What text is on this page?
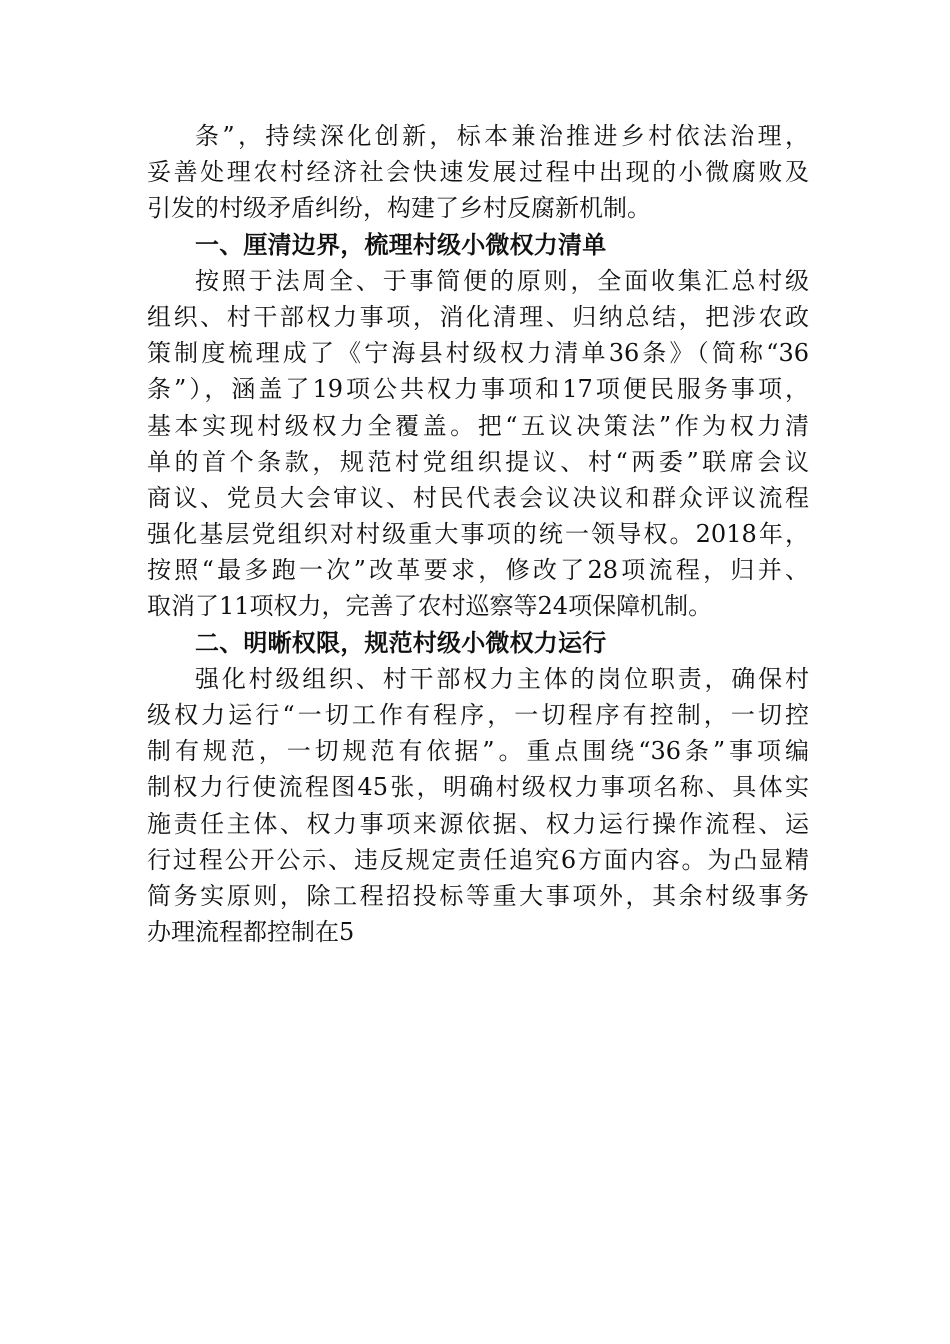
条”，持续深化创新，标本兼治推进乡村依法治理，
妥善处理农村经济社会快速发展过程中出现的小微腐败及
引发的村级矛盾纠纷，构建了乡村反腐新机制。
一、厘清边界，梳理村级小微权力清单
按照于法周全、于事简便的原则，全面收集汇总村级
组织、村干部权力事项，消化清理、归纳总结，把涉农政
策制度梳理成了《宁海县村级权力清单36条》（简称“36
条”），涵盖了19项公共权力事项和17项便民服务事项，
基本实现村级权力全覆盖。把“五议决策法”作为权力清
单的首个条款，规范村党组织提议、村“两委”联席会议
商议、党员大会审议、村民代表会议决议和群众评议流程
强化基层党组织对村级重大事项的统一领导权。2018年，
按照“最多跑一次”改革要求，修改了28项流程，归并、
取消了11项权力，完善了农村巡察等24项保障机制。
二、明晰权限，规范村级小微权力运行
强化村级组织、村干部权力主体的岗位职责，确保村
级权力运行“一切工作有程序，一切程序有控制，一切控
制有规范，一切规范有依据”。重点围绕“36条”事项编
制权力行使流程图45张，明确村级权力事项名称、具体实
施责任主体、权力事项来源依据、权力运行操作流程、运
行过程公开公示、违反规定责任追究6方面内容。为凸显精
简务实原则，除工程招投标等重大事项外，其余村级事务
办理流程都控制在5
